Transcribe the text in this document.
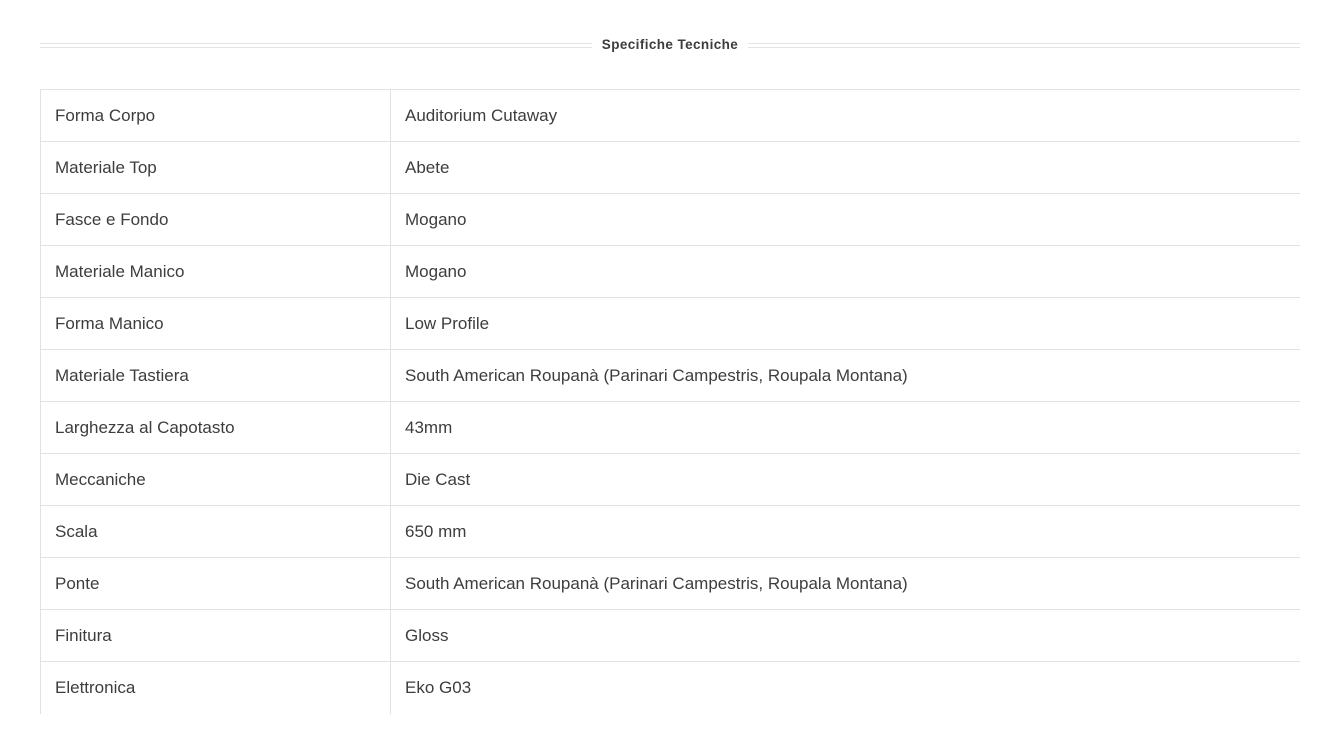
Specifiche Tecniche
Forma Corpo	Auditorium Cutaway
Materiale Top	Abete
Fasce e Fondo	Mogano
Materiale Manico	Mogano
Forma Manico	Low Profile
Materiale Tastiera	South American Roupanà (Parinari Campestris, Roupala Montana)
Larghezza al Capotasto	43mm
Meccaniche	Die Cast
Scala	650 mm
Ponte	South American Roupanà (Parinari Campestris, Roupala Montana)
Finitura	Gloss
Elettronica	Eko G03
